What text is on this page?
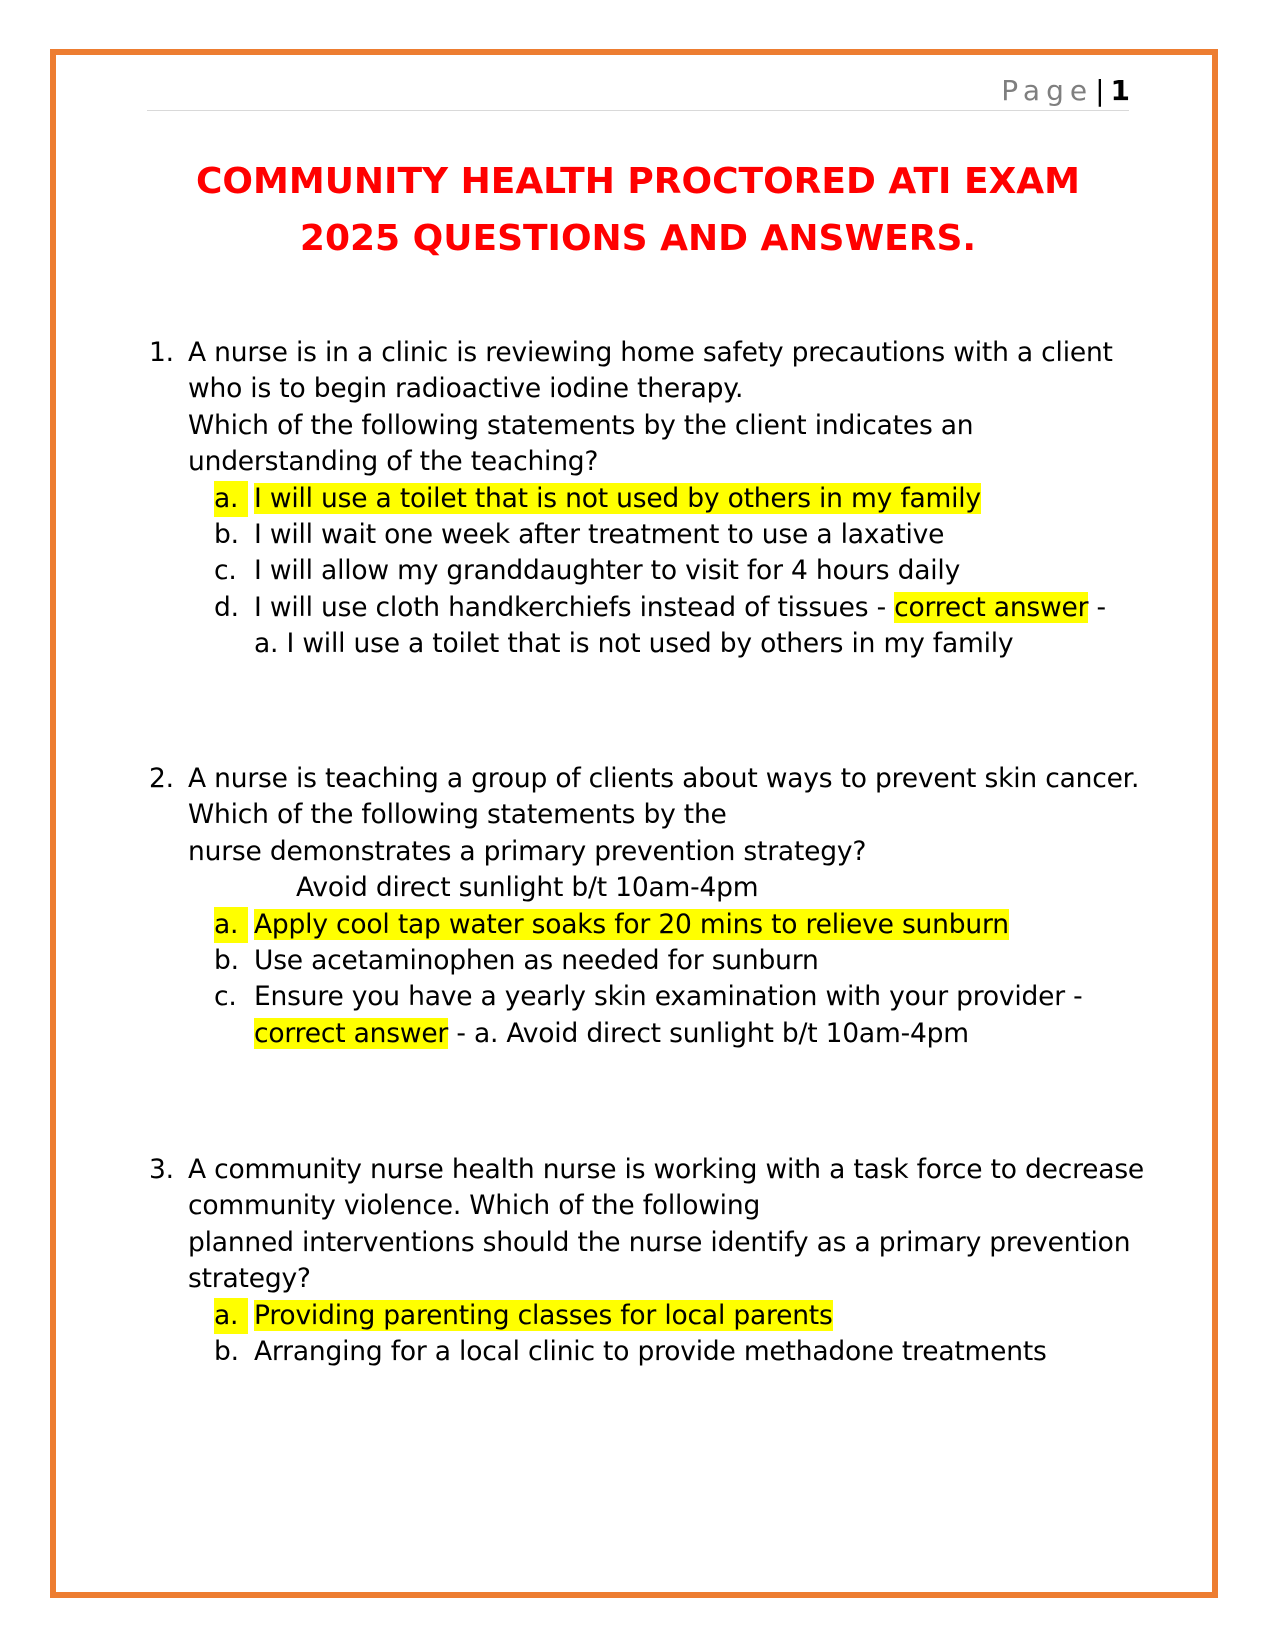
Page| 1
COMMUNITY HEALTH PROCTORED ATI EXAM
2025 QUESTIONS AND ANSWERS.
1. A nurse is in a clinic is reviewing home safety precautions with a client
who is to begin radioactive iodine therapy.
Which of the following statements by the client indicates an
understanding of the teaching?
a. I will use a toilet that is not used by others in my family
b. I will wait one week after treatment to use a laxative
c. I will allow my granddaughter to visit for 4 hours daily
d. I will use cloth handkerchiefs instead of tissues - correct answer -
a. I will use a toilet that is not used by others in my family
2. A nurse is teaching a group of clients about ways to prevent skin cancer.
Which of the following statements by the
nurse demonstrates a primary prevention strategy?
Avoid direct sunlight b/t 10am-4pm
a. Apply cool tap water soaks for 20 mins to relieve sunburn
b. Use acetaminophen as needed for sunburn
c. Ensure you have a yearly skin examination with your provider -
correct answer - a. Avoid direct sunlight b/t 10am-4pm
3. A community nurse health nurse is working with a task force to decrease
community violence. Which of the following
planned interventions should the nurse identify as a primary prevention
strategy?
a. Providing parenting classes for local parents
b. Arranging for a local clinic to provide methadone treatments
